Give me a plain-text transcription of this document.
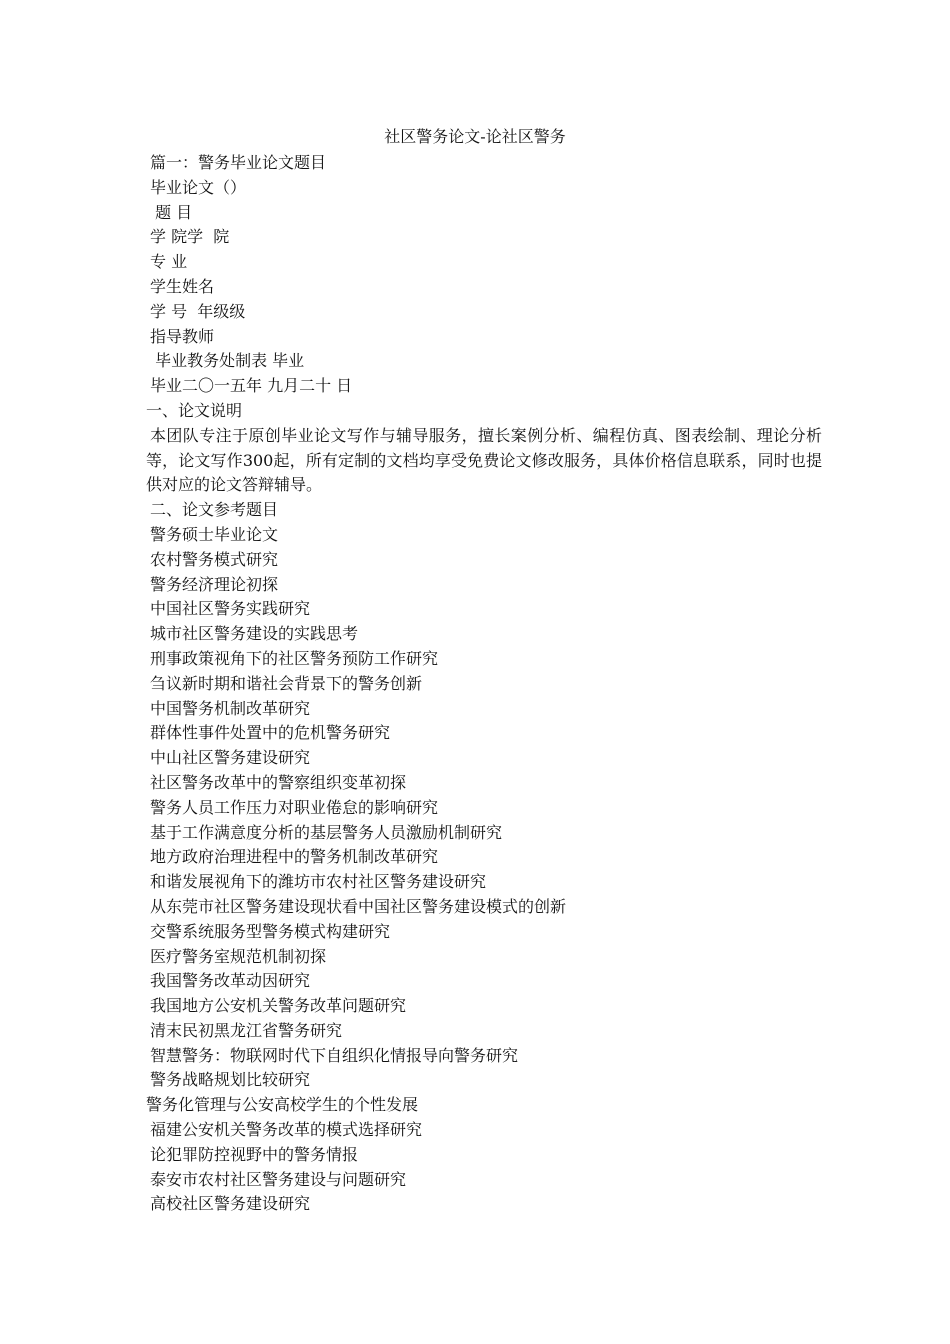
社区警务论文-论社区警务
篇一：警务毕业论文题目
毕业论文（）
题 目
学 院学  院
专 业
学生姓名
学 号  年级级
指导教师
毕业教务处制表 毕业
毕业二〇一五年 九月二十 日
一、论文说明
本团队专注于原创毕业论文写作与辅导服务，擅长案例分析、编程仿真、图表绘制、理论分析等，论文写作300起，所有定制的文档均享受免费论文修改服务，具体价格信息联系，同时也提供对应的论文答辩辅导。
二、论文参考题目
警务硕士毕业论文
农村警务模式研究
警务经济理论初探
中国社区警务实践研究
城市社区警务建设的实践思考
刑事政策视角下的社区警务预防工作研究
刍议新时期和谐社会背景下的警务创新
中国警务机制改革研究
群体性事件处置中的危机警务研究
中山社区警务建设研究
社区警务改革中的警察组织变革初探
警务人员工作压力对职业倦怠的影响研究
基于工作满意度分析的基层警务人员激励机制研究
地方政府治理进程中的警务机制改革研究
和谐发展视角下的潍坊市农村社区警务建设研究
从东莞市社区警务建设现状看中国社区警务建设模式的创新
交警系统服务型警务模式构建研究
医疗警务室规范机制初探
我国警务改革动因研究
我国地方公安机关警务改革问题研究
清末民初黑龙江省警务研究
智慧警务：物联网时代下自组织化情报导向警务研究
警务战略规划比较研究
警务化管理与公安高校学生的个性发展
福建公安机关警务改革的模式选择研究
论犯罪防控视野中的警务情报
泰安市农村社区警务建设与问题研究
高校社区警务建设研究
